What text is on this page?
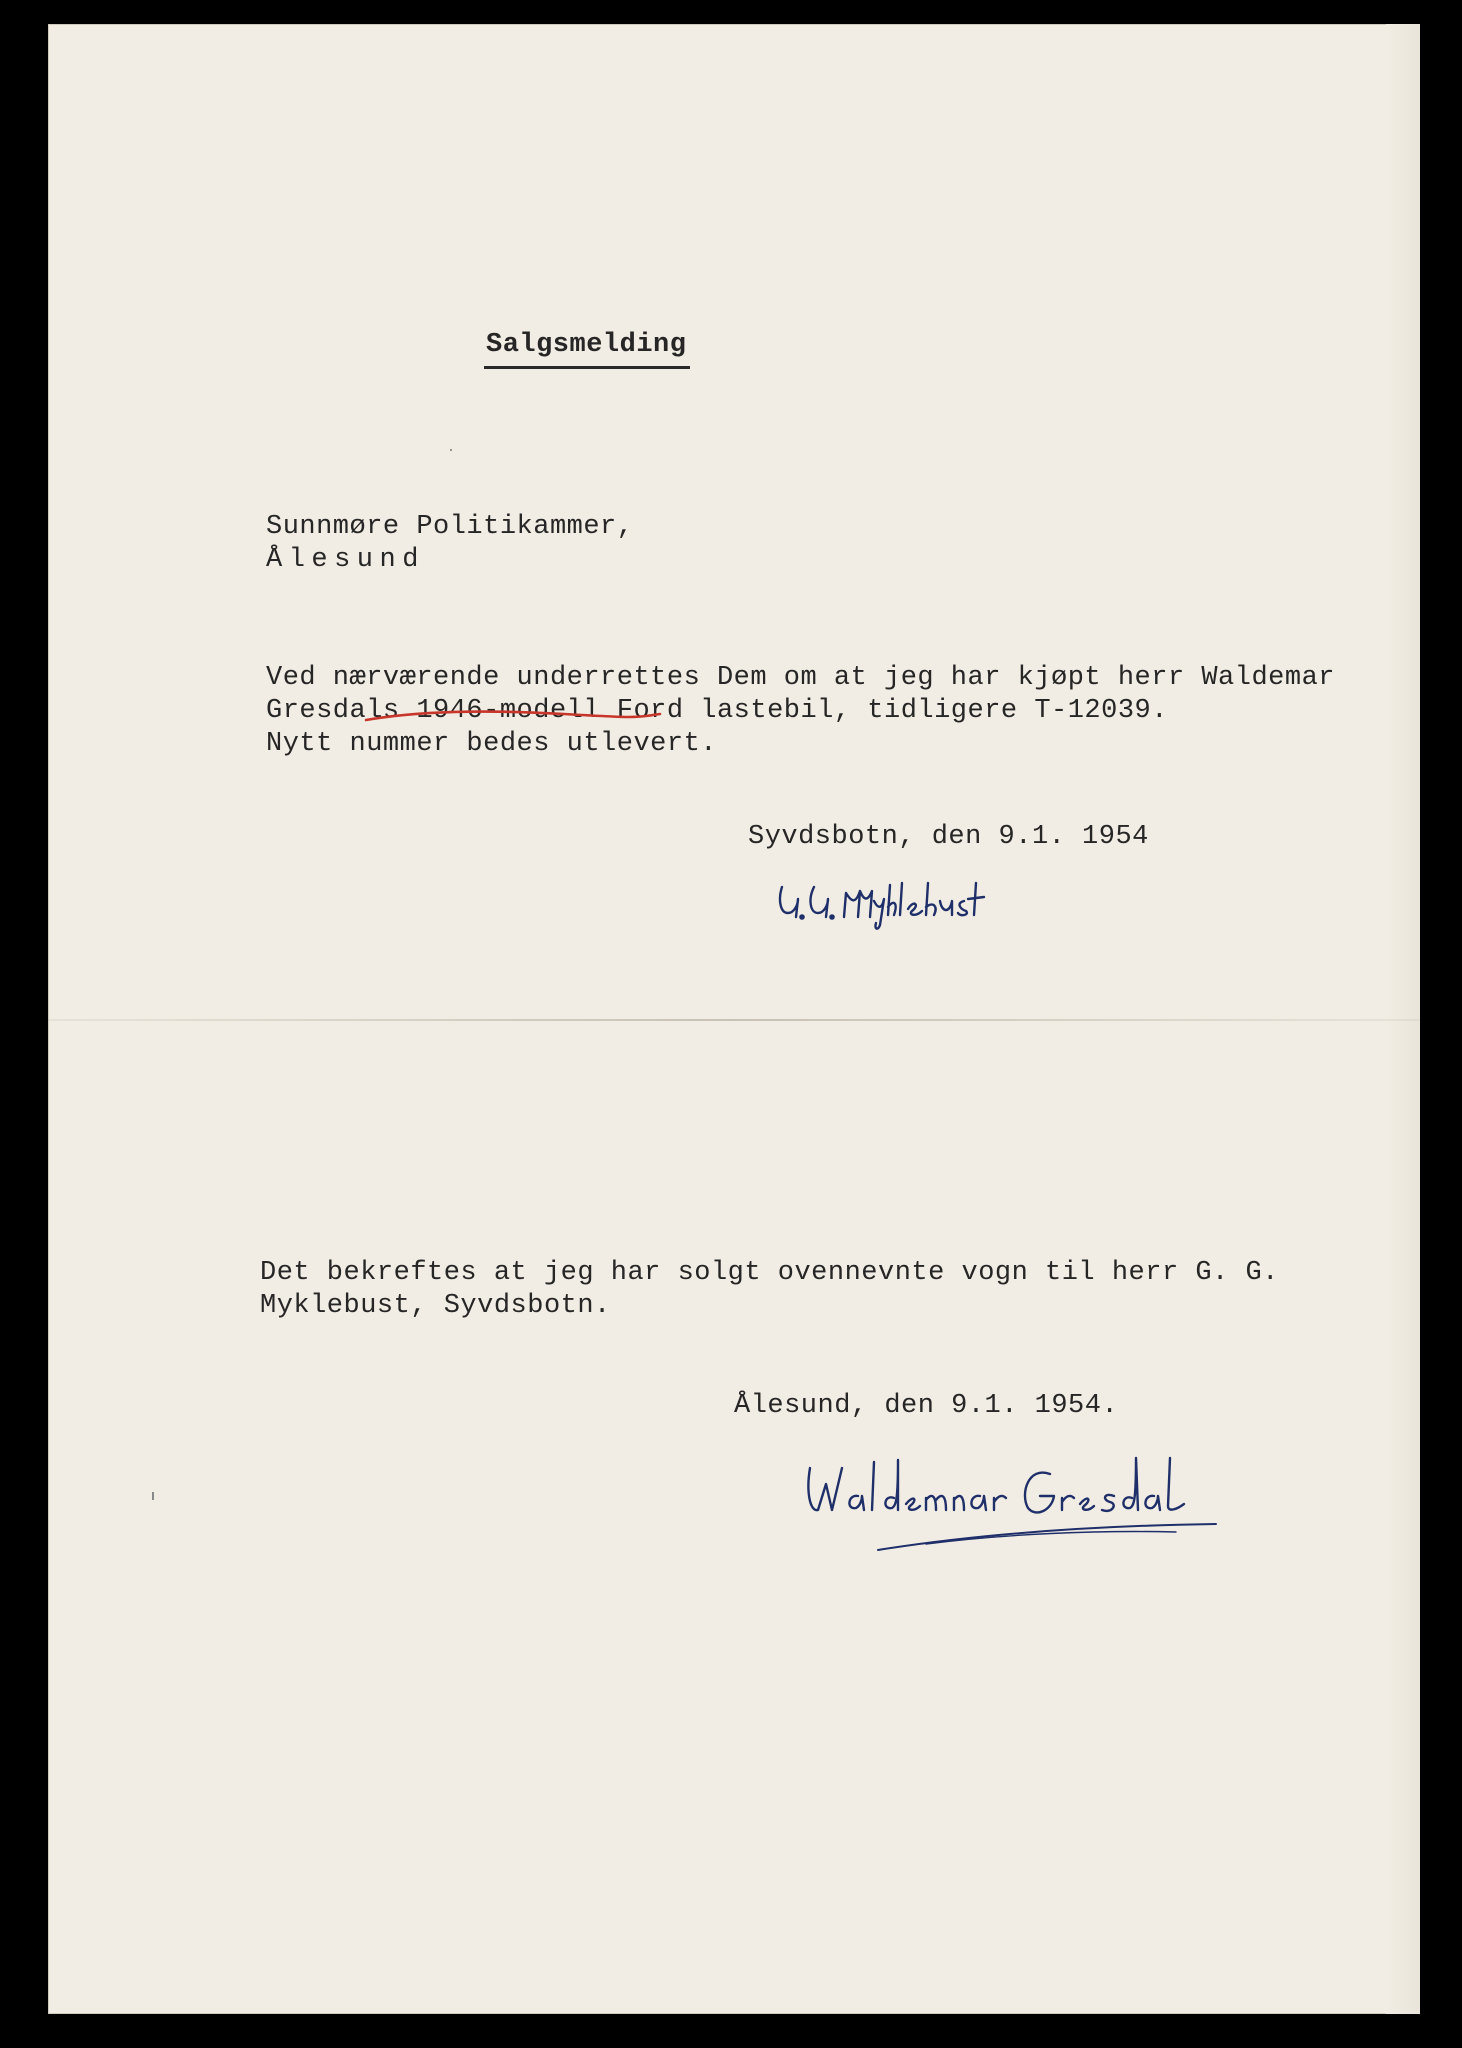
Salgsmelding
Sunnmøre Politikammer,
Ålesund
Ved nærværende underrettes Dem om at jeg har kjøpt herr Waldemar
Gresdals 1946-modell Ford lastebil, tidligere T-12039.
Nytt nummer bedes utlevert.
Syvdsbotn, den 9.1. 1954
Det bekreftes at jeg har solgt ovennevnte vogn til herr G. G.
Myklebust, Syvdsbotn.
Ålesund, den 9.1. 1954.
